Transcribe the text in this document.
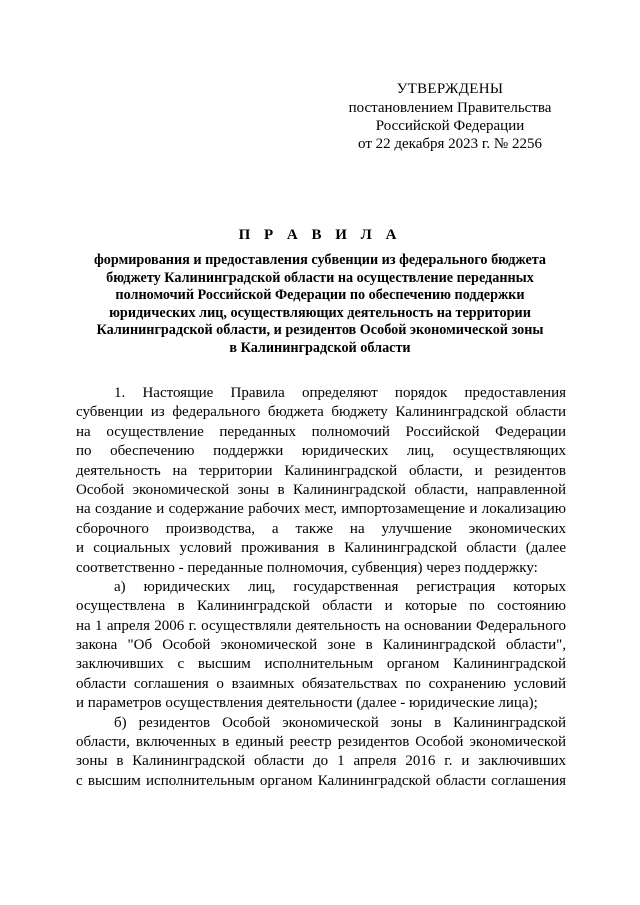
УТВЕРЖДЕНЫ
постановлением Правительства
Российской Федерации
от 22 декабря 2023 г. № 2256
П Р А В И Л А
формирования и предоставления субвенции из федерального бюджета
бюджету Калининградской области на осуществление переданных
полномочий Российской Федерации по обеспечению поддержки
юридических лиц, осуществляющих деятельность на территории
Калининградской области, и резидентов Особой экономической зоны
в Калининградской области
1. Настоящие Правила определяют порядок предоставления
субвенции из федерального бюджета бюджету Калининградской области
на осуществление переданных полномочий Российской Федерации
по обеспечению поддержки юридических лиц, осуществляющих
деятельность на территории Калининградской области, и резидентов
Особой экономической зоны в Калининградской области, направленной
на создание и содержание рабочих мест, импортозамещение и локализацию
сборочного производства, а также на улучшение экономических
и социальных условий проживания в Калининградской области (далее
соответственно - переданные полномочия, субвенция) через поддержку:
а) юридических лиц, государственная регистрация которых
осуществлена в Калининградской области и которые по состоянию
на 1 апреля 2006 г. осуществляли деятельность на основании Федерального
закона "Об Особой экономической зоне в Калининградской области",
заключивших с высшим исполнительным органом Калининградской
области соглашения о взаимных обязательствах по сохранению условий
и параметров осуществления деятельности (далее - юридические лица);
б) резидентов Особой экономической зоны в Калининградской
области, включенных в единый реестр резидентов Особой экономической
зоны в Калининградской области до 1 апреля 2016 г. и заключивших
с высшим исполнительным органом Калининградской области соглашения
